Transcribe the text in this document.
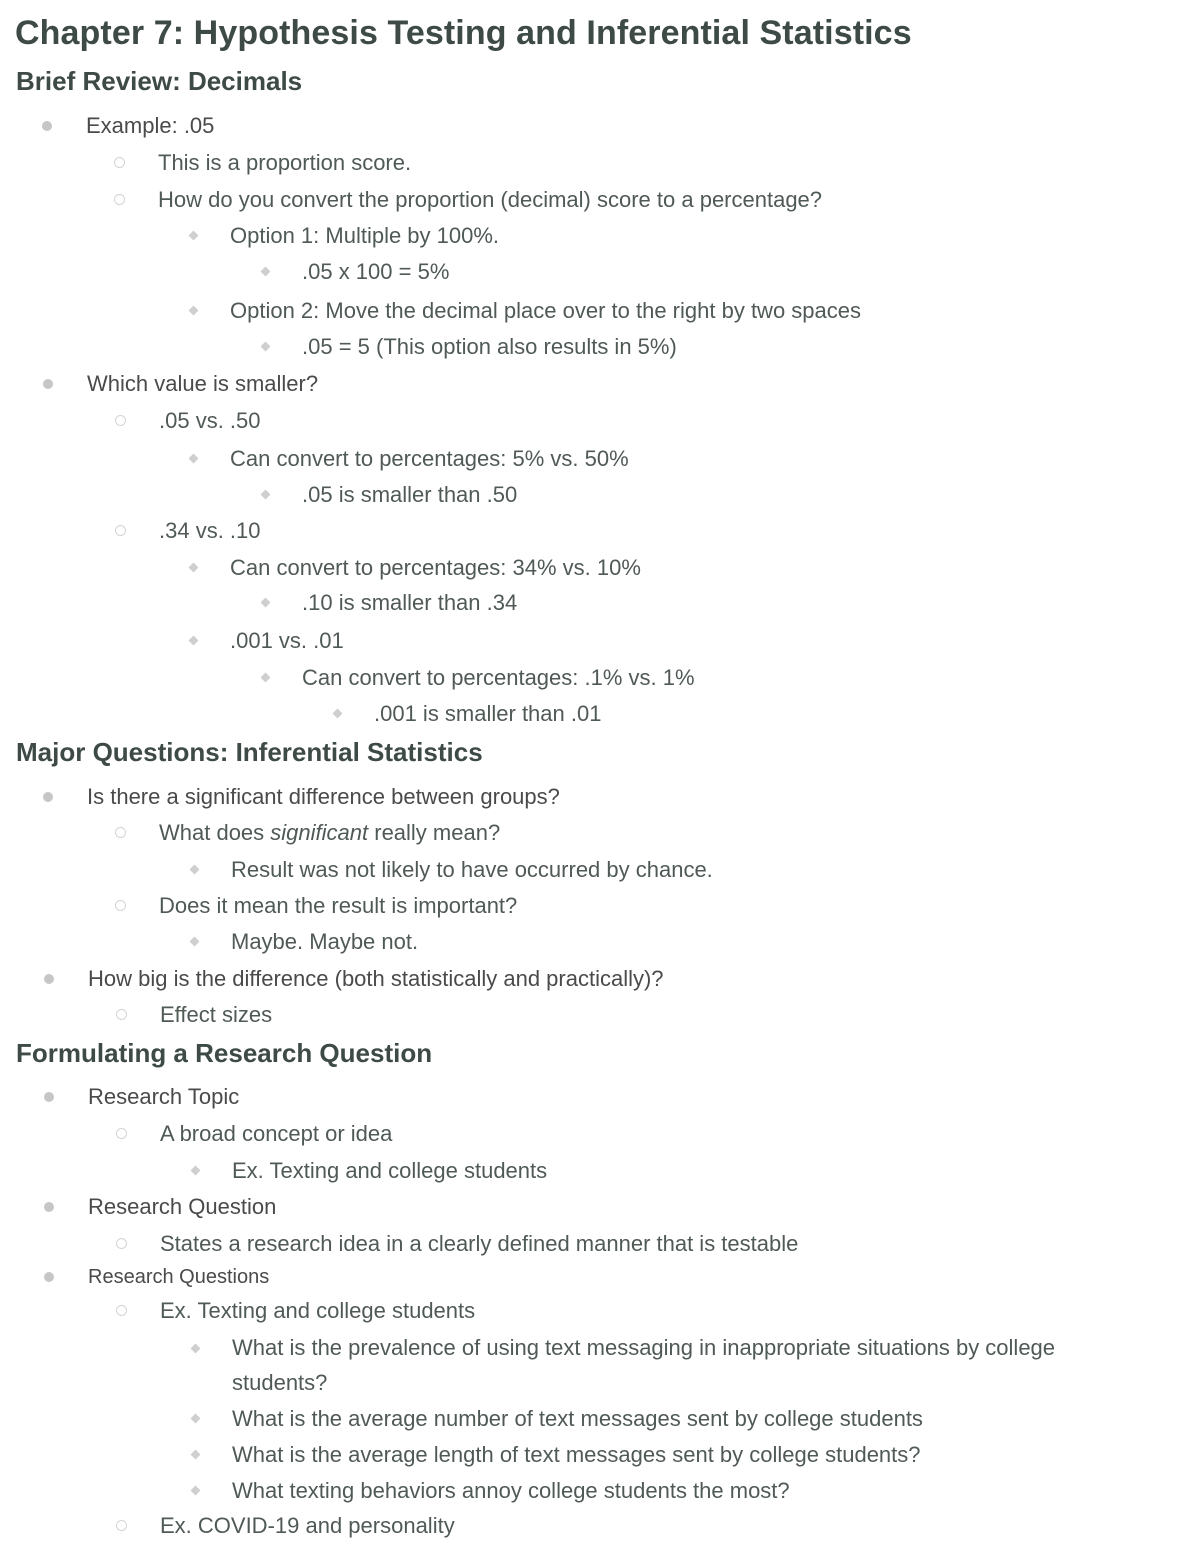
Chapter 7: Hypothesis Testing and Inferential Statistics
Brief Review: Decimals
Example: .05
This is a proportion score.
How do you convert the proportion (decimal) score to a percentage?
Option 1: Multiple by 100%.
.05 x 100 = 5%
Option 2: Move the decimal place over to the right by two spaces
.05 = 5 (This option also results in 5%)
Which value is smaller?
.05 vs. .50
Can convert to percentages: 5% vs. 50%
.05 is smaller than .50
.34 vs. .10
Can convert to percentages: 34% vs. 10%
.10 is smaller than .34
.001 vs. .01
Can convert to percentages: .1% vs. 1%
.001 is smaller than .01
Major Questions: Inferential Statistics
Is there a significant difference between groups?
What does significant really mean?
Result was not likely to have occurred by chance.
Does it mean the result is important?
Maybe. Maybe not.
How big is the difference (both statistically and practically)?
Effect sizes
Formulating a Research Question
Research Topic
A broad concept or idea
Ex. Texting and college students
Research Question
States a research idea in a clearly defined manner that is testable
Research Questions
Ex. Texting and college students
What is the prevalence of using text messaging in inappropriate situations by college students?
What is the average number of text messages sent by college students
What is the average length of text messages sent by college students?
What texting behaviors annoy college students the most?
Ex. COVID-19 and personality
